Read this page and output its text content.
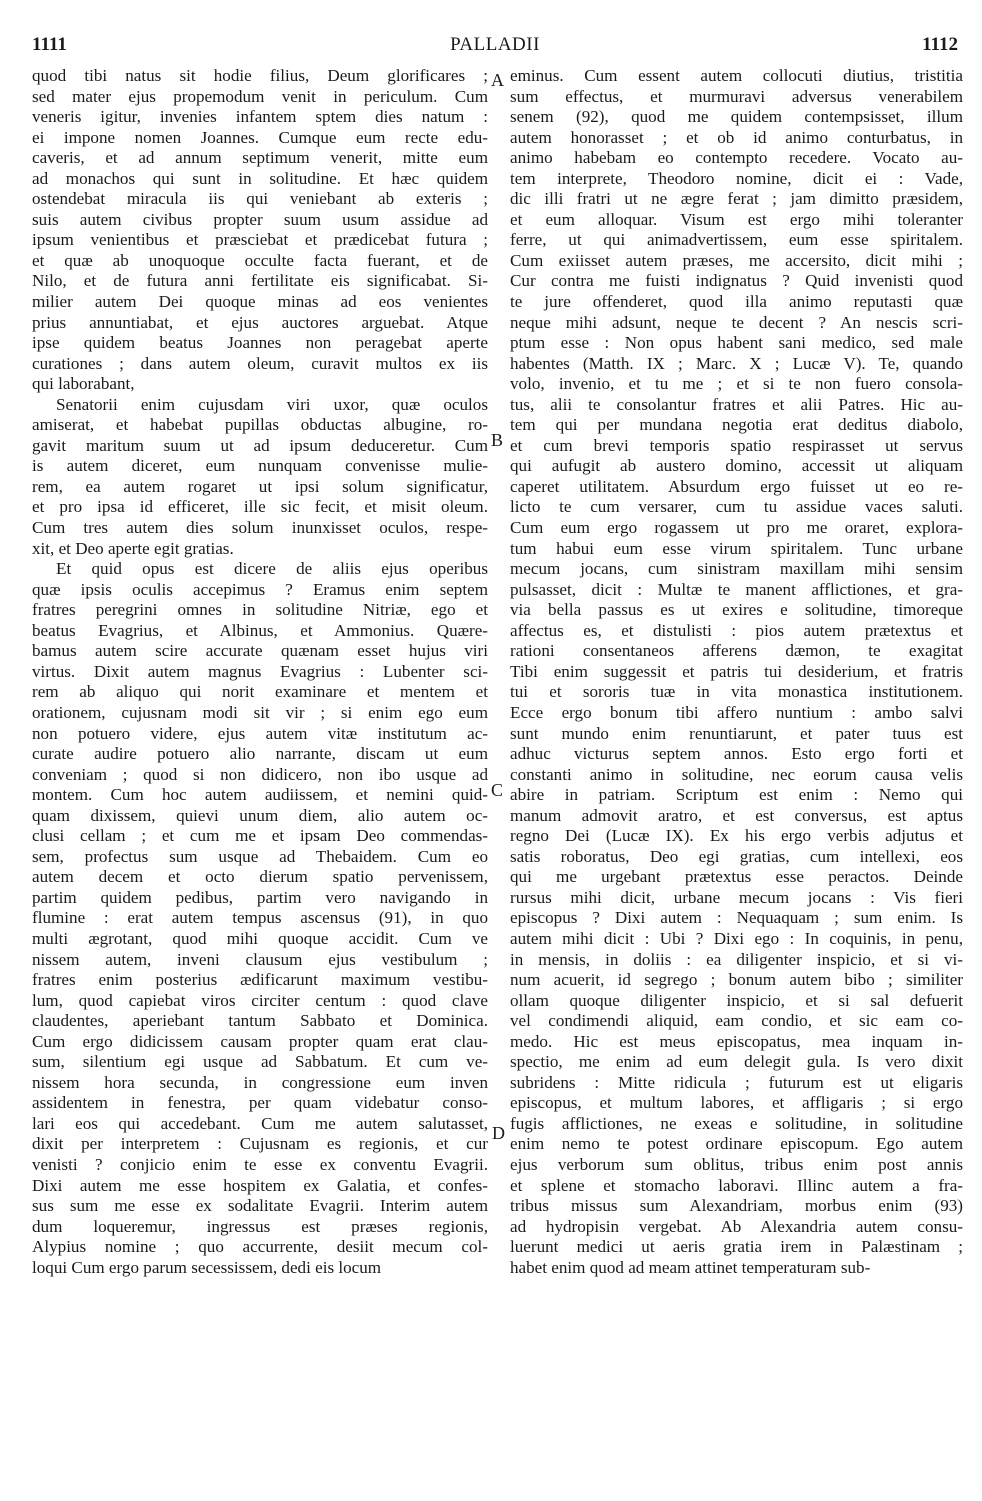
1111	PALLADII	1112
quod tibi natus sit hodie filius, Deum glorificares ;
sed mater ejus propemodum venit in periculum. Cum
veneris igitur, invenies infantem sptem dies natum :
ei impone nomen Joannes. Cumque eum recte edu-
caveris, et ad annum septimum venerit, mitte eum
ad monachos qui sunt in solitudine. Et hæc quidem
ostendebat miracula iis qui veniebant ab exteris ;
suis autem civibus propter suum usum assidue ad
ipsum venientibus et præsciebat et prædicebat futura ;
et quæ ab unoquoque occulte facta fuerant, et de
Nilo, et de futura anni fertilitate eis significabat. Si-
milier autem Dei quoque minas ad eos venientes
prius annuntiabat, et ejus auctores arguebat. Atque
ipse quidem beatus Joannes non peragebat aperte
curationes ; dans autem oleum, curavit multos ex iis
qui laborabant,
Senatorii enim cujusdam viri uxor, quæ oculos
amiserat, et habebat pupillas obductas albugine, ro-
gavit maritum suum ut ad ipsum deduceretur. Cum
is autem diceret, eum nunquam convenisse mulie-
rem, ea autem rogaret ut ipsi solum significatur,
et pro ipsa id efficeret, ille sic fecit, et misit oleum.
Cum tres autem dies solum inunxisset oculos, respe-
xit, et Deo aperte egit gratias.
Et quid opus est dicere de aliis ejus operibus
quæ ipsis oculis accepimus ? Eramus enim septem
fratres peregrini omnes in solitudine Nitriæ, ego et
beatus Evagrius, et Albinus, et Ammonius. Quære-
bamus autem scire accurate quænam esset hujus viri
virtus. Dixit autem magnus Evagrius : Lubenter sci-
rem ab aliquo qui norit examinare et mentem et
orationem, cujusnam modi sit vir ; si enim ego eum
non potuero videre, ejus autem vitæ institutum ac-
curate audire potuero alio narrante, discam ut eum
conveniam ; quod si non didicero, non ibo usque ad
montem. Cum hoc autem audiissem, et nemini quid-
quam dixissem, quievi unum diem, alio autem oc-
clusi cellam ; et cum me et ipsam Deo commendas-
sem, profectus sum usque ad Thebaidem. Cum eo
autem decem et octo dierum spatio pervenissem,
partim quidem pedibus, partim vero navigando in
flumine : erat autem tempus ascensus (91), in quo
multi ægrotant, quod mihi quoque accidit. Cum ve
nissem autem, inveni clausum ejus vestibulum ;
fratres enim posterius ædificarunt maximum vestibu-
lum, quod capiebat viros circiter centum : quod clave
claudentes, aperiebant tantum Sabbato et Dominica.
Cum ergo didicissem causam propter quam erat clau-
sum, silentium egi usque ad Sabbatum. Et cum ve-
nissem hora secunda, in congressione eum inven
assidentem in fenestra, per quam videbatur conso-
lari eos qui accedebant. Cum me autem salutasset,
dixit per interpretem : Cujusnam es regionis, et cur
venisti ? conjicio enim te esse ex conventu Evagrii.
Dixi autem me esse hospitem ex Galatia, et confes-
sus sum me esse ex sodalitate Evagrii. Interim autem
dum loqueremur, ingressus est præses regionis,
Alypius nomine ; quo accurrente, desiit mecum col-
loqui Cum ergo parum secessissem, dedi eis locum
A
B
C
D
eminus. Cum essent autem collocuti diutius, tristitia
sum effectus, et murmuravi adversus venerabilem
senem (92), quod me quidem contempsisset, illum
autem honorasset ; et ob id animo conturbatus, in
animo habebam eo contempto recedere. Vocato au-
tem interprete, Theodoro nomine, dicit ei : Vade,
dic illi fratri ut ne ægre ferat ; jam dimitto præsidem,
et eum alloquar. Visum est ergo mihi toleranter
ferre, ut qui animadvertissem, eum esse spiritalem.
Cum exiisset autem præses, me accersito, dicit mihi ;
Cur contra me fuisti indignatus ? Quid invenisti quod
te jure offenderet, quod illa animo reputasti quæ
neque mihi adsunt, neque te decent ? An nescis scri-
ptum esse : Non opus habent sani medico, sed male
habentes (Matth. IX ; Marc. X ; Lucæ V). Te, quando
volo, invenio, et tu me ; et si te non fuero consola-
tus, alii te consolantur fratres et alii Patres. Hic au-
tem qui per mundana negotia erat deditus diabolo,
et cum brevi temporis spatio respirasset ut servus
qui aufugit ab austero domino, accessit ut aliquam
caperet utilitatem. Absurdum ergo fuisset ut eo re-
licto te cum versarer, cum tu assidue vaces saluti.
Cum eum ergo rogassem ut pro me oraret, explora-
tum habui eum esse virum spiritalem. Tunc urbane
mecum jocans, cum sinistram maxillam mihi sensim
pulsasset, dicit : Multæ te manent afflictiones, et gra-
via bella passus es ut exires e solitudine, timoreque
affectus es, et distulisti : pios autem prætextus et
rationi consentaneos afferens dæmon, te exagitat
Tibi enim suggessit et patris tui desiderium, et fratris
tui et sororis tuæ in vita monastica institutionem.
Ecce ergo bonum tibi affero nuntium : ambo salvi
sunt mundo enim renuntiarunt, et pater tuus est
adhuc victurus septem annos. Esto ergo forti et
constanti animo in solitudine, nec eorum causa velis
abire in patriam. Scriptum est enim : Nemo qui
manum admovit aratro, et est conversus, est aptus
regno Dei (Lucæ IX). Ex his ergo verbis adjutus et
satis roboratus, Deo egi gratias, cum intellexi, eos
qui me urgebant prætextus esse peractos. Deinde
rursus mihi dicit, urbane mecum jocans : Vis fieri
episcopus ? Dixi autem : Nequaquam ; sum enim. Is
autem mihi dicit : Ubi ? Dixi ego : In coquinis, in penu,
in mensis, in doliis : ea diligenter inspicio, et si vi-
num acuerit, id segrego ; bonum autem bibo ; similiter
ollam quoque diligenter inspicio, et si sal defuerit
vel condimendi aliquid, eam condio, et sic eam co-
medo. Hic est meus episcopatus, mea inquam in-
spectio, me enim ad eum delegit gula. Is vero dixit
subridens : Mitte ridicula ; futurum est ut eligaris
episcopus, et multum labores, et affligaris ; si ergo
fugis afflictiones, ne exeas e solitudine, in solitudine
enim nemo te potest ordinare episcopum. Ego autem
ejus verborum sum oblitus, tribus enim post annis
et splene et stomacho laboravi. Illinc autem a fra-
tribus missus sum Alexandriam, morbus enim (93)
ad hydropisin vergebat. Ab Alexandria autem consu-
luerunt medici ut aeris gratia irem in Palæstinam ;
habet enim quod ad meam attinet temperaturam sub-
